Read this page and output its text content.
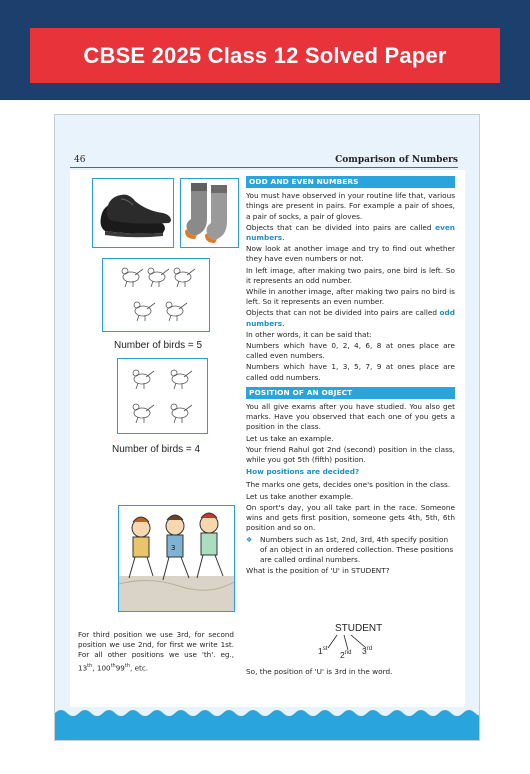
CBSE 2025 Class 12 Solved Paper
46	Comparison of Numbers
Number of birds = 5
Number of birds = 4
3
For third position we use 3rd, for second position we use 2nd, for first we write 1st. For all other positions we use 'th'. eg., 13th, 100th99th, etc.
ODD AND EVEN NUMBERS

You must have observed in your routine life that, various things are present in pairs. For example a pair of shoes, a pair of socks, a pair of gloves.

Objects that can be divided into pairs are called even numbers.

Now look at another image and try to find out whether they have even numbers or not.

In left image, after making two pairs, one bird is left. So it represents an odd number.

While in another image, after making two pairs no bird is left. So it represents an even number.

Objects that can not be divided into pairs are called odd numbers.

In other words, it can be said that:

Numbers which have 0, 2, 4, 6, 8 at ones place are called even numbers.

Numbers which have 1, 3, 5, 7, 9 at ones place are called odd numbers.

POSITION OF AN OBJECT

You all give exams after you have studied. You also get marks. Have you observed that each one of you gets a position in the class.

Let us take an example.

Your friend Rahul got 2nd (second) position in the class, while you got 5th (fifth) position.

How positions are decided?

The marks one gets, decides one's position in the class.

Let us take another example.

On sport's day, you all take part in the race. Someone wins and gets first position, someone gets 4th, 5th, 6th position and so on.

❖	Numbers such as 1st, 2nd, 3rd, 4th specify position of an object in an ordered collection. These positions are called ordinal numbers.

What is the position of 'U' in STUDENT?

STUDENT
1st
2nd 3rd
So, the position of 'U' is 3rd in the word.
